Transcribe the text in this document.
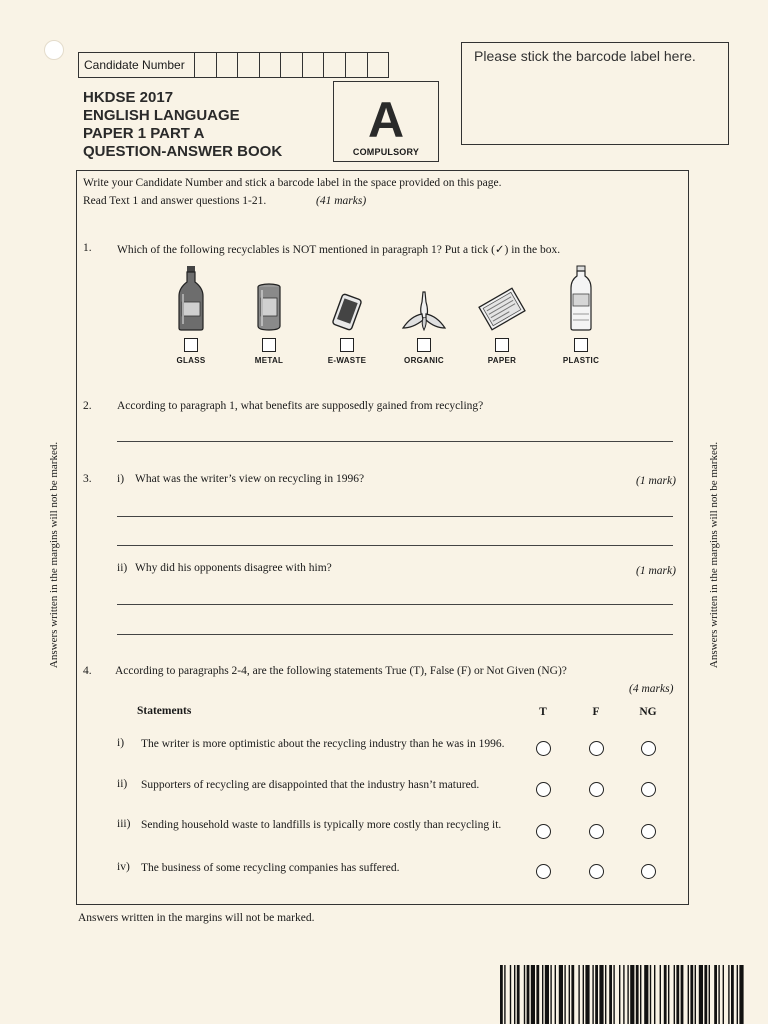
Candidate Number
HKDSE 2017
ENGLISH LANGUAGE
PAPER 1 PART A
QUESTION-ANSWER BOOK
A
COMPULSORY
Please stick the barcode label here.
Answers written in the margins will not be marked.	Answers written in the margins will not be marked.
Write your Candidate Number and stick a barcode label in the space provided on this page.
Read Text 1 and answer questions 1-21.	(41 marks)
1. Which of the following recyclables is NOT mentioned in paragraph 1? Put a tick (✓) in the box.
GLASS	METAL	E-WASTE	ORGANIC	PAPER	PLASTIC
2. According to paragraph 1, what benefits are supposedly gained from recycling?
3. i) What was the writer’s view on recycling in 1996?	(1 mark)
ii) Why did his opponents disagree with him?	(1 mark)
4. According to paragraphs 2-4, are the following statements True (T), False (F) or Not Given (NG)?
(4 marks)
Statements	T	F	NG
i) The writer is more optimistic about the recycling industry than he was in 1996.
ii) Supporters of recycling are disappointed that the industry hasn’t matured.
iii) Sending household waste to landfills is typically more costly than recycling it.
iv) The business of some recycling companies has suffered.
Answers written in the margins will not be marked.
